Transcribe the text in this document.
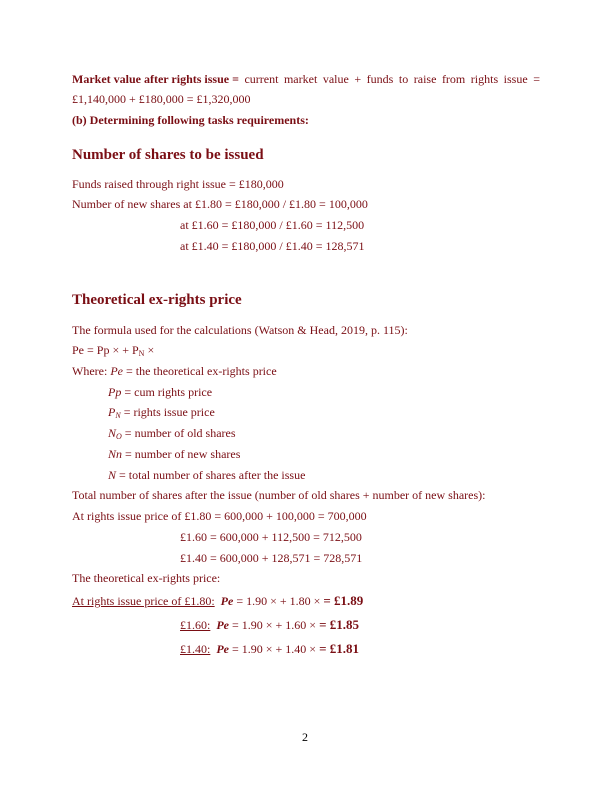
Market value after rights issue = current market value + funds to raise from rights issue =
£1,140,000 + £180,000 = £1,320,000
(b) Determining following tasks requirements:
Number of shares to be issued
Funds raised through right issue = £180,000
Number of new shares at £1.80 = £180,000 / £1.80 = 100,000
at £1.60 = £180,000 / £1.60 = 112,500
at £1.40 = £180,000 / £1.40 = 128,571
Theoretical ex-rights price
The formula used for the calculations (Watson & Head, 2019, p. 115):
Pe = Pp × + $P_N$ ×
Where: Pe = the theoretical ex-rights price
Pp = cum rights price
$P_N$ = rights issue price
$N_O$ = number of old shares
Nn = number of new shares
N = total number of shares after the issue
Total number of shares after the issue (number of old shares + number of new shares):
At rights issue price of £1.80 = 600,000 + 100,000 = 700,000
£1.60 = 600,000 + 112,500 = 712,500
£1.40 = 600,000 + 128,571 = 728,571
The theoretical ex-rights price:
At rights issue price of £1.80: Pe = 1.90 × + 1.80 × = £1.89
£1.60: Pe = 1.90 × + 1.60 × = £1.85
£1.40: Pe = 1.90 × + 1.40 × = £1.81
2
